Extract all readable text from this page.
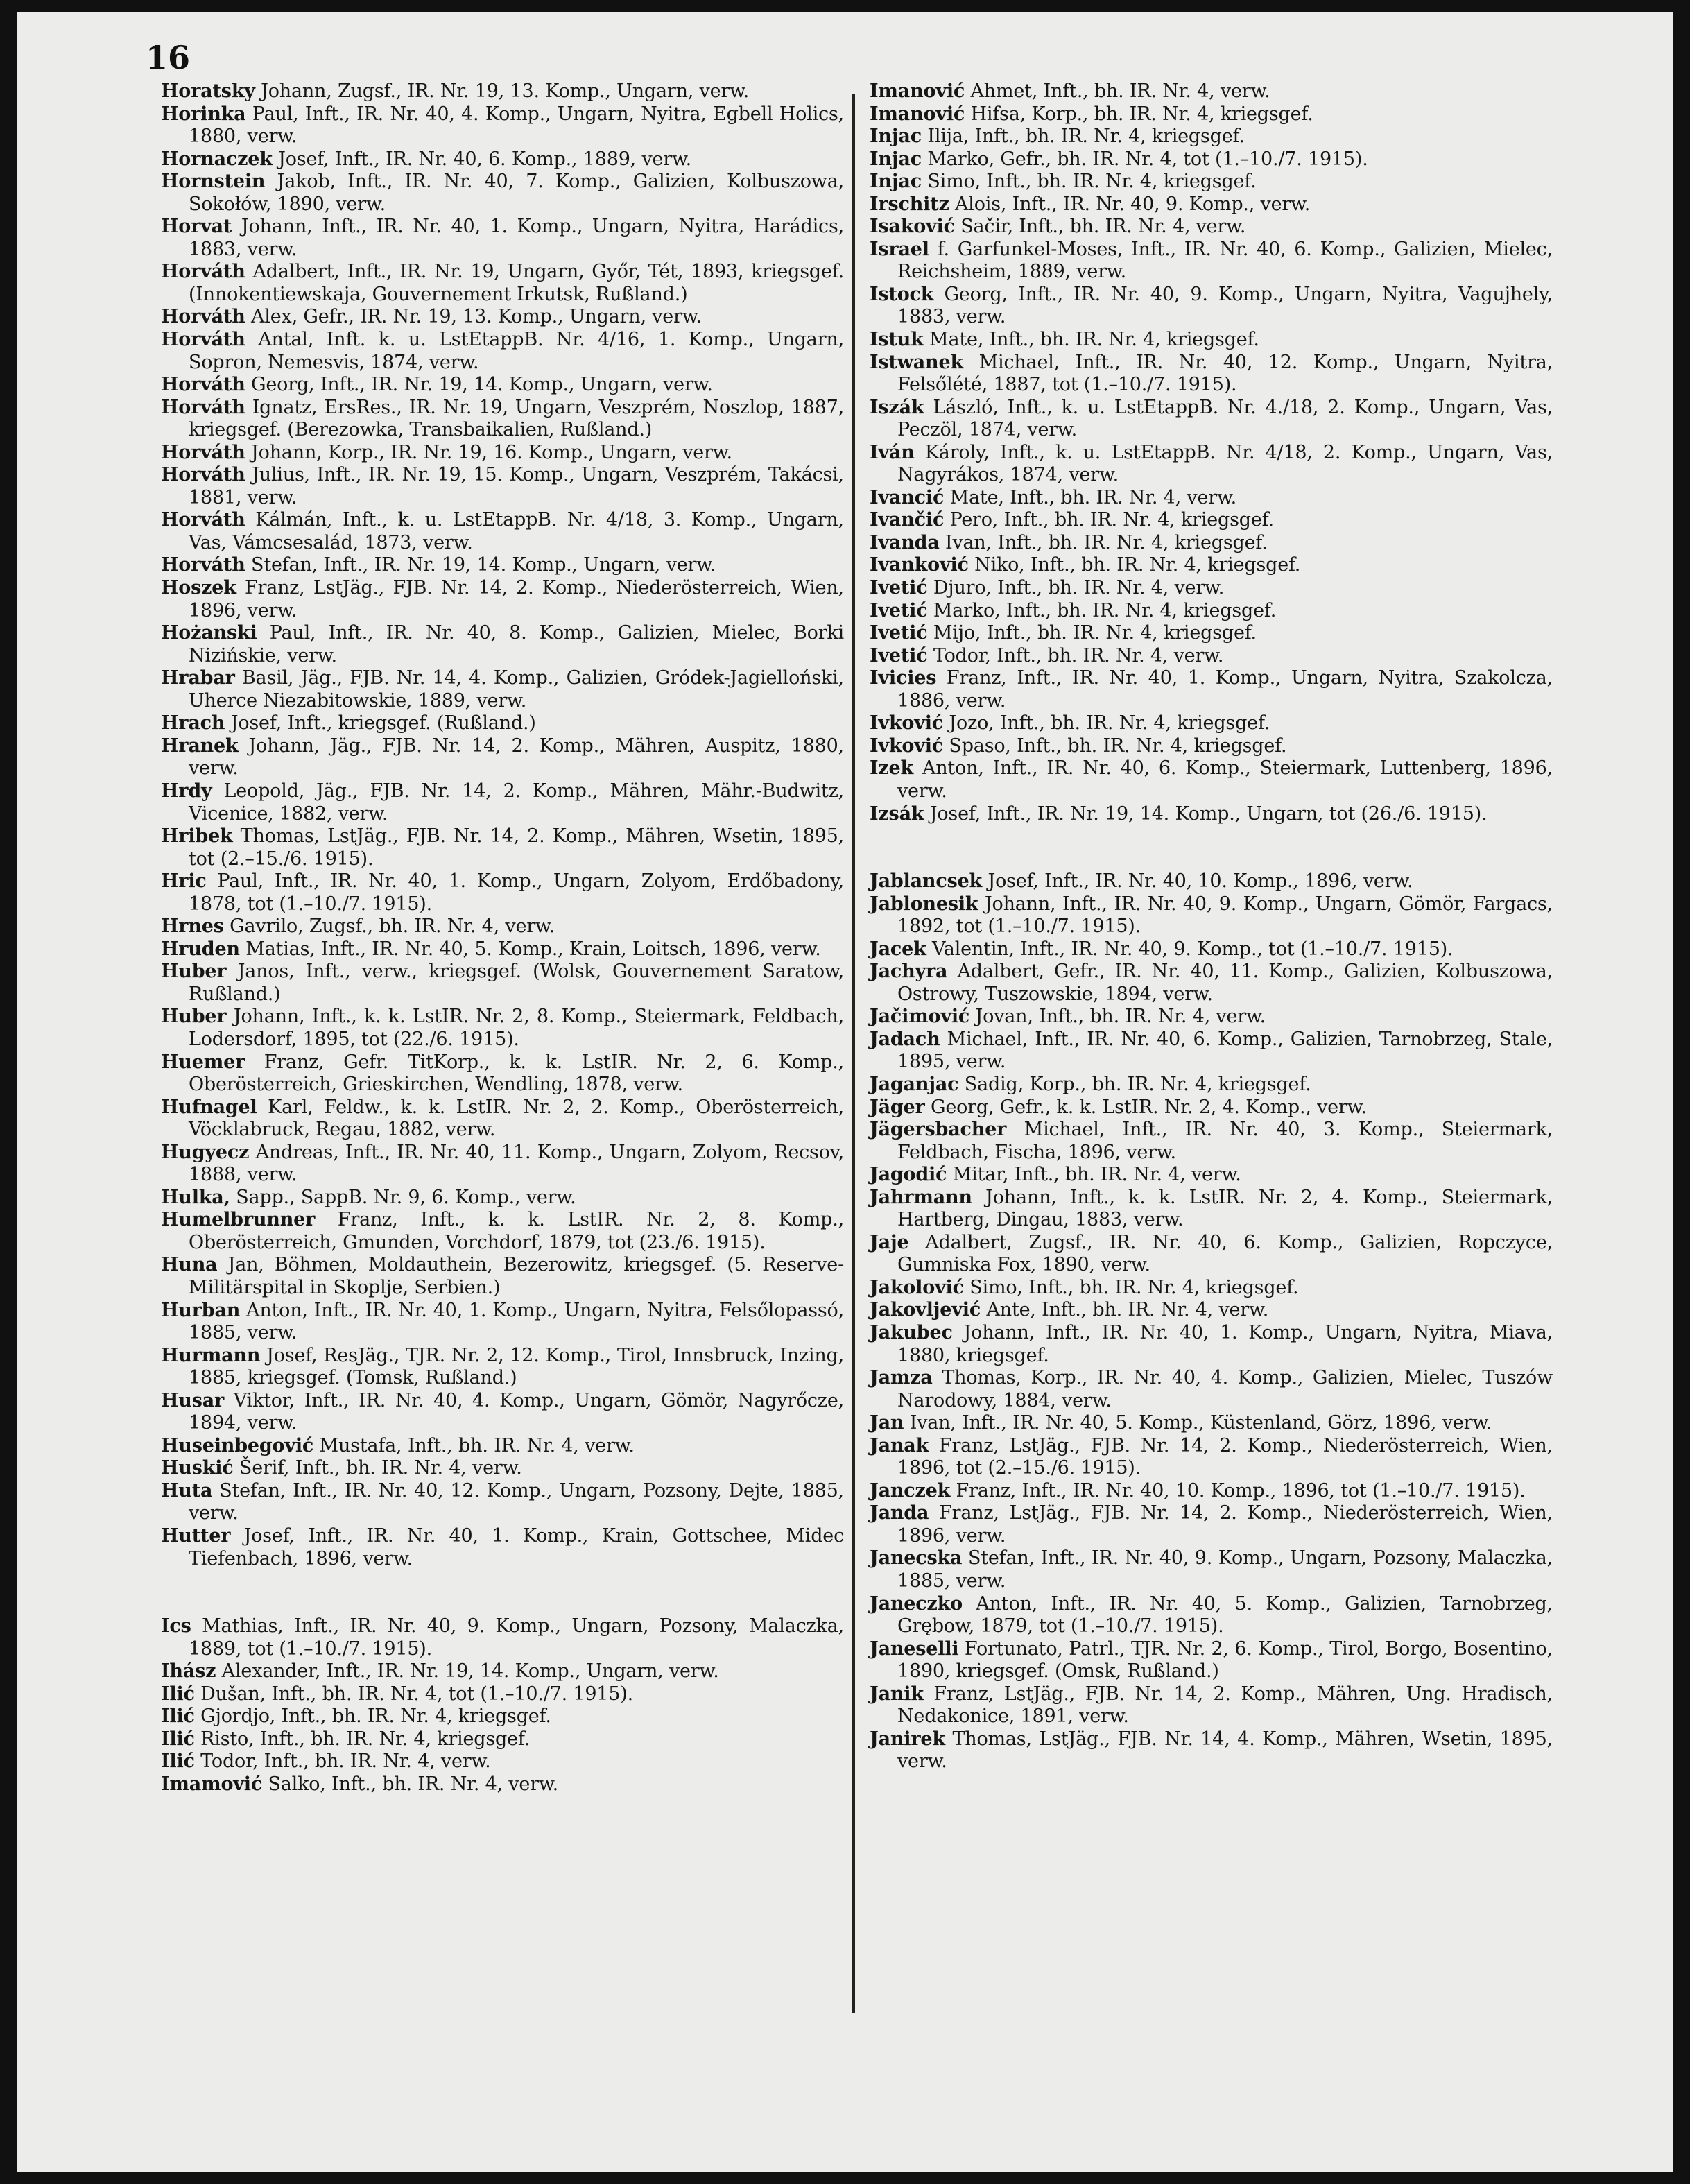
16
Horatsky Johann, Zugsf., IR. Nr. 19, 13. Komp., Ungarn, verw.
Horinka Paul, Inft., IR. Nr. 40, 4. Komp., Ungarn, Nyitra, Egbell Holics, 1880, verw.
Hornaczek Josef, Inft., IR. Nr. 40, 6. Komp., 1889, verw.
Hornstein Jakob, Inft., IR. Nr. 40, 7. Komp., Galizien, Kolbuszowa, Sokołów, 1890, verw.
Horvat Johann, Inft., IR. Nr. 40, 1. Komp., Ungarn, Nyitra, Harádics, 1883, verw.
Horváth Adalbert, Inft., IR. Nr. 19, Ungarn, Győr, Tét, 1893, kriegsgef. (Innokentiewskaja, Gouvernement Irkutsk, Rußland.)
Horváth Alex, Gefr., IR. Nr. 19, 13. Komp., Ungarn, verw.
Horváth Antal, Inft. k. u. LstEtappB. Nr. 4/16, 1. Komp., Ungarn, Sopron, Nemesvis, 1874, verw.
Horváth Georg, Inft., IR. Nr. 19, 14. Komp., Ungarn, verw.
Horváth Ignatz, ErsRes., IR. Nr. 19, Ungarn, Veszprém, Noszlop, 1887, kriegsgef. (Berezowka, Transbaikalien, Rußland.)
Horváth Johann, Korp., IR. Nr. 19, 16. Komp., Ungarn, verw.
Horváth Julius, Inft., IR. Nr. 19, 15. Komp., Ungarn, Veszprém, Takácsi, 1881, verw.
Horváth Kálmán, Inft., k. u. LstEtappB. Nr. 4/18, 3. Komp., Ungarn, Vas, Vámcsesalád, 1873, verw.
Horváth Stefan, Inft., IR. Nr. 19, 14. Komp., Ungarn, verw.
Hoszek Franz, LstJäg., FJB. Nr. 14, 2. Komp., Niederösterreich, Wien, 1896, verw.
Hożanski Paul, Inft., IR. Nr. 40, 8. Komp., Galizien, Mielec, Borki Nizińskie, verw.
Hrabar Basil, Jäg., FJB. Nr. 14, 4. Komp., Galizien, Gródek-Jagielloński, Uherce Niezabitowskie, 1889, verw.
Hrach Josef, Inft., kriegsgef. (Rußland.)
Hranek Johann, Jäg., FJB. Nr. 14, 2. Komp., Mähren, Auspitz, 1880, verw.
Hrdy Leopold, Jäg., FJB. Nr. 14, 2. Komp., Mähren, Mähr.-Budwitz, Vicenice, 1882, verw.
Hribek Thomas, LstJäg., FJB. Nr. 14, 2. Komp., Mähren, Wsetin, 1895, tot (2.–15./6. 1915).
Hric Paul, Inft., IR. Nr. 40, 1. Komp., Ungarn, Zolyom, Erdőbadony, 1878, tot (1.–10./7. 1915).
Hrnes Gavrilo, Zugsf., bh. IR. Nr. 4, verw.
Hruden Matias, Inft., IR. Nr. 40, 5. Komp., Krain, Loitsch, 1896, verw.
Huber Janos, Inft., verw., kriegsgef. (Wolsk, Gouvernement Saratow, Rußland.)
Huber Johann, Inft., k. k. LstIR. Nr. 2, 8. Komp., Steiermark, Feldbach, Lodersdorf, 1895, tot (22./6. 1915).
Huemer Franz, Gefr. TitKorp., k. k. LstIR. Nr. 2, 6. Komp., Oberösterreich, Grieskirchen, Wendling, 1878, verw.
Hufnagel Karl, Feldw., k. k. LstIR. Nr. 2, 2. Komp., Oberösterreich, Vöcklabruck, Regau, 1882, verw.
Hugyecz Andreas, Inft., IR. Nr. 40, 11. Komp., Ungarn, Zolyom, Recsov, 1888, verw.
Hulka, Sapp., SappB. Nr. 9, 6. Komp., verw.
Humelbrunner Franz, Inft., k. k. LstIR. Nr. 2, 8. Komp., Oberösterreich, Gmunden, Vorchdorf, 1879, tot (23./6. 1915).
Huna Jan, Böhmen, Moldauthein, Bezerowitz, kriegsgef. (5. Reserve-Militärspital in Skoplje, Serbien.)
Hurban Anton, Inft., IR. Nr. 40, 1. Komp., Ungarn, Nyitra, Felsőlopassó, 1885, verw.
Hurmann Josef, ResJäg., TJR. Nr. 2, 12. Komp., Tirol, Innsbruck, Inzing, 1885, kriegsgef. (Tomsk, Rußland.)
Husar Viktor, Inft., IR. Nr. 40, 4. Komp., Ungarn, Gömör, Nagyrőcze, 1894, verw.
Huseinbegović Mustafa, Inft., bh. IR. Nr. 4, verw.
Huskić Šerif, Inft., bh. IR. Nr. 4, verw.
Huta Stefan, Inft., IR. Nr. 40, 12. Komp., Ungarn, Pozsony, Dejte, 1885, verw.
Hutter Josef, Inft., IR. Nr. 40, 1. Komp., Krain, Gottschee, Midec Tiefenbach, 1896, verw.
Ics Mathias, Inft., IR. Nr. 40, 9. Komp., Ungarn, Pozsony, Malaczka, 1889, tot (1.–10./7. 1915).
Ihász Alexander, Inft., IR. Nr. 19, 14. Komp., Ungarn, verw.
Ilić Dušan, Inft., bh. IR. Nr. 4, tot (1.–10./7. 1915).
Ilić Gjordjo, Inft., bh. IR. Nr. 4, kriegsgef.
Ilić Risto, Inft., bh. IR. Nr. 4, kriegsgef.
Ilić Todor, Inft., bh. IR. Nr. 4, verw.
Imamović Salko, Inft., bh. IR. Nr. 4, verw.
Imanović Ahmet, Inft., bh. IR. Nr. 4, verw.
Imanović Hifsa, Korp., bh. IR. Nr. 4, kriegsgef.
Injac Ilija, Inft., bh. IR. Nr. 4, kriegsgef.
Injac Marko, Gefr., bh. IR. Nr. 4, tot (1.–10./7. 1915).
Injac Simo, Inft., bh. IR. Nr. 4, kriegsgef.
Irschitz Alois, Inft., IR. Nr. 40, 9. Komp., verw.
Isaković Sačir, Inft., bh. IR. Nr. 4, verw.
Israel f. Garfunkel-Moses, Inft., IR. Nr. 40, 6. Komp., Galizien, Mielec, Reichsheim, 1889, verw.
Istock Georg, Inft., IR. Nr. 40, 9. Komp., Ungarn, Nyitra, Vagujhely, 1883, verw.
Istuk Mate, Inft., bh. IR. Nr. 4, kriegsgef.
Istwanek Michael, Inft., IR. Nr. 40, 12. Komp., Ungarn, Nyitra, Felsőlété, 1887, tot (1.–10./7. 1915).
Iszák László, Inft., k. u. LstEtappB. Nr. 4./18, 2. Komp., Ungarn, Vas, Peczöl, 1874, verw.
Iván Károly, Inft., k. u. LstEtappB. Nr. 4/18, 2. Komp., Ungarn, Vas, Nagyrákos, 1874, verw.
Ivancić Mate, Inft., bh. IR. Nr. 4, verw.
Ivančić Pero, Inft., bh. IR. Nr. 4, kriegsgef.
Ivanda Ivan, Inft., bh. IR. Nr. 4, kriegsgef.
Ivanković Niko, Inft., bh. IR. Nr. 4, kriegsgef.
Ivetić Djuro, Inft., bh. IR. Nr. 4, verw.
Ivetić Marko, Inft., bh. IR. Nr. 4, kriegsgef.
Ivetić Mijo, Inft., bh. IR. Nr. 4, kriegsgef.
Ivetić Todor, Inft., bh. IR. Nr. 4, verw.
Ivicies Franz, Inft., IR. Nr. 40, 1. Komp., Ungarn, Nyitra, Szakolcza, 1886, verw.
Ivković Jozo, Inft., bh. IR. Nr. 4, kriegsgef.
Ivković Spaso, Inft., bh. IR. Nr. 4, kriegsgef.
Izek Anton, Inft., IR. Nr. 40, 6. Komp., Steiermark, Luttenberg, 1896, verw.
Izsák Josef, Inft., IR. Nr. 19, 14. Komp., Ungarn, tot (26./6. 1915).
Jablancsek Josef, Inft., IR. Nr. 40, 10. Komp., 1896, verw.
Jablonesik Johann, Inft., IR. Nr. 40, 9. Komp., Ungarn, Gömör, Fargacs, 1892, tot (1.–10./7. 1915).
Jacek Valentin, Inft., IR. Nr. 40, 9. Komp., tot (1.–10./7. 1915).
Jachyra Adalbert, Gefr., IR. Nr. 40, 11. Komp., Galizien, Kolbuszowa, Ostrowy, Tuszowskie, 1894, verw.
Jačimović Jovan, Inft., bh. IR. Nr. 4, verw.
Jadach Michael, Inft., IR. Nr. 40, 6. Komp., Galizien, Tarnobrzeg, Stale, 1895, verw.
Jaganjac Sadig, Korp., bh. IR. Nr. 4, kriegsgef.
Jäger Georg, Gefr., k. k. LstIR. Nr. 2, 4. Komp., verw.
Jägersbacher Michael, Inft., IR. Nr. 40, 3. Komp., Steiermark, Feldbach, Fischa, 1896, verw.
Jagodić Mitar, Inft., bh. IR. Nr. 4, verw.
Jahrmann Johann, Inft., k. k. LstIR. Nr. 2, 4. Komp., Steiermark, Hartberg, Dingau, 1883, verw.
Jaje Adalbert, Zugsf., IR. Nr. 40, 6. Komp., Galizien, Ropczyce, Gumniska Fox, 1890, verw.
Jakolović Simo, Inft., bh. IR. Nr. 4, kriegsgef.
Jakovljević Ante, Inft., bh. IR. Nr. 4, verw.
Jakubec Johann, Inft., IR. Nr. 40, 1. Komp., Ungarn, Nyitra, Miava, 1880, kriegsgef.
Jamza Thomas, Korp., IR. Nr. 40, 4. Komp., Galizien, Mielec, Tuszów Narodowy, 1884, verw.
Jan Ivan, Inft., IR. Nr. 40, 5. Komp., Küstenland, Görz, 1896, verw.
Janak Franz, LstJäg., FJB. Nr. 14, 2. Komp., Niederösterreich, Wien, 1896, tot (2.–15./6. 1915).
Janczek Franz, Inft., IR. Nr. 40, 10. Komp., 1896, tot (1.–10./7. 1915).
Janda Franz, LstJäg., FJB. Nr. 14, 2. Komp., Niederösterreich, Wien, 1896, verw.
Janecska Stefan, Inft., IR. Nr. 40, 9. Komp., Ungarn, Pozsony, Malaczka, 1885, verw.
Janeczko Anton, Inft., IR. Nr. 40, 5. Komp., Galizien, Tarnobrzeg, Grębow, 1879, tot (1.–10./7. 1915).
Janeselli Fortunato, Patrl., TJR. Nr. 2, 6. Komp., Tirol, Borgo, Bosentino, 1890, kriegsgef. (Omsk, Rußland.)
Janik Franz, LstJäg., FJB. Nr. 14, 2. Komp., Mähren, Ung. Hradisch, Nedakonice, 1891, verw.
Janirek Thomas, LstJäg., FJB. Nr. 14, 4. Komp., Mähren, Wsetin, 1895, verw.
